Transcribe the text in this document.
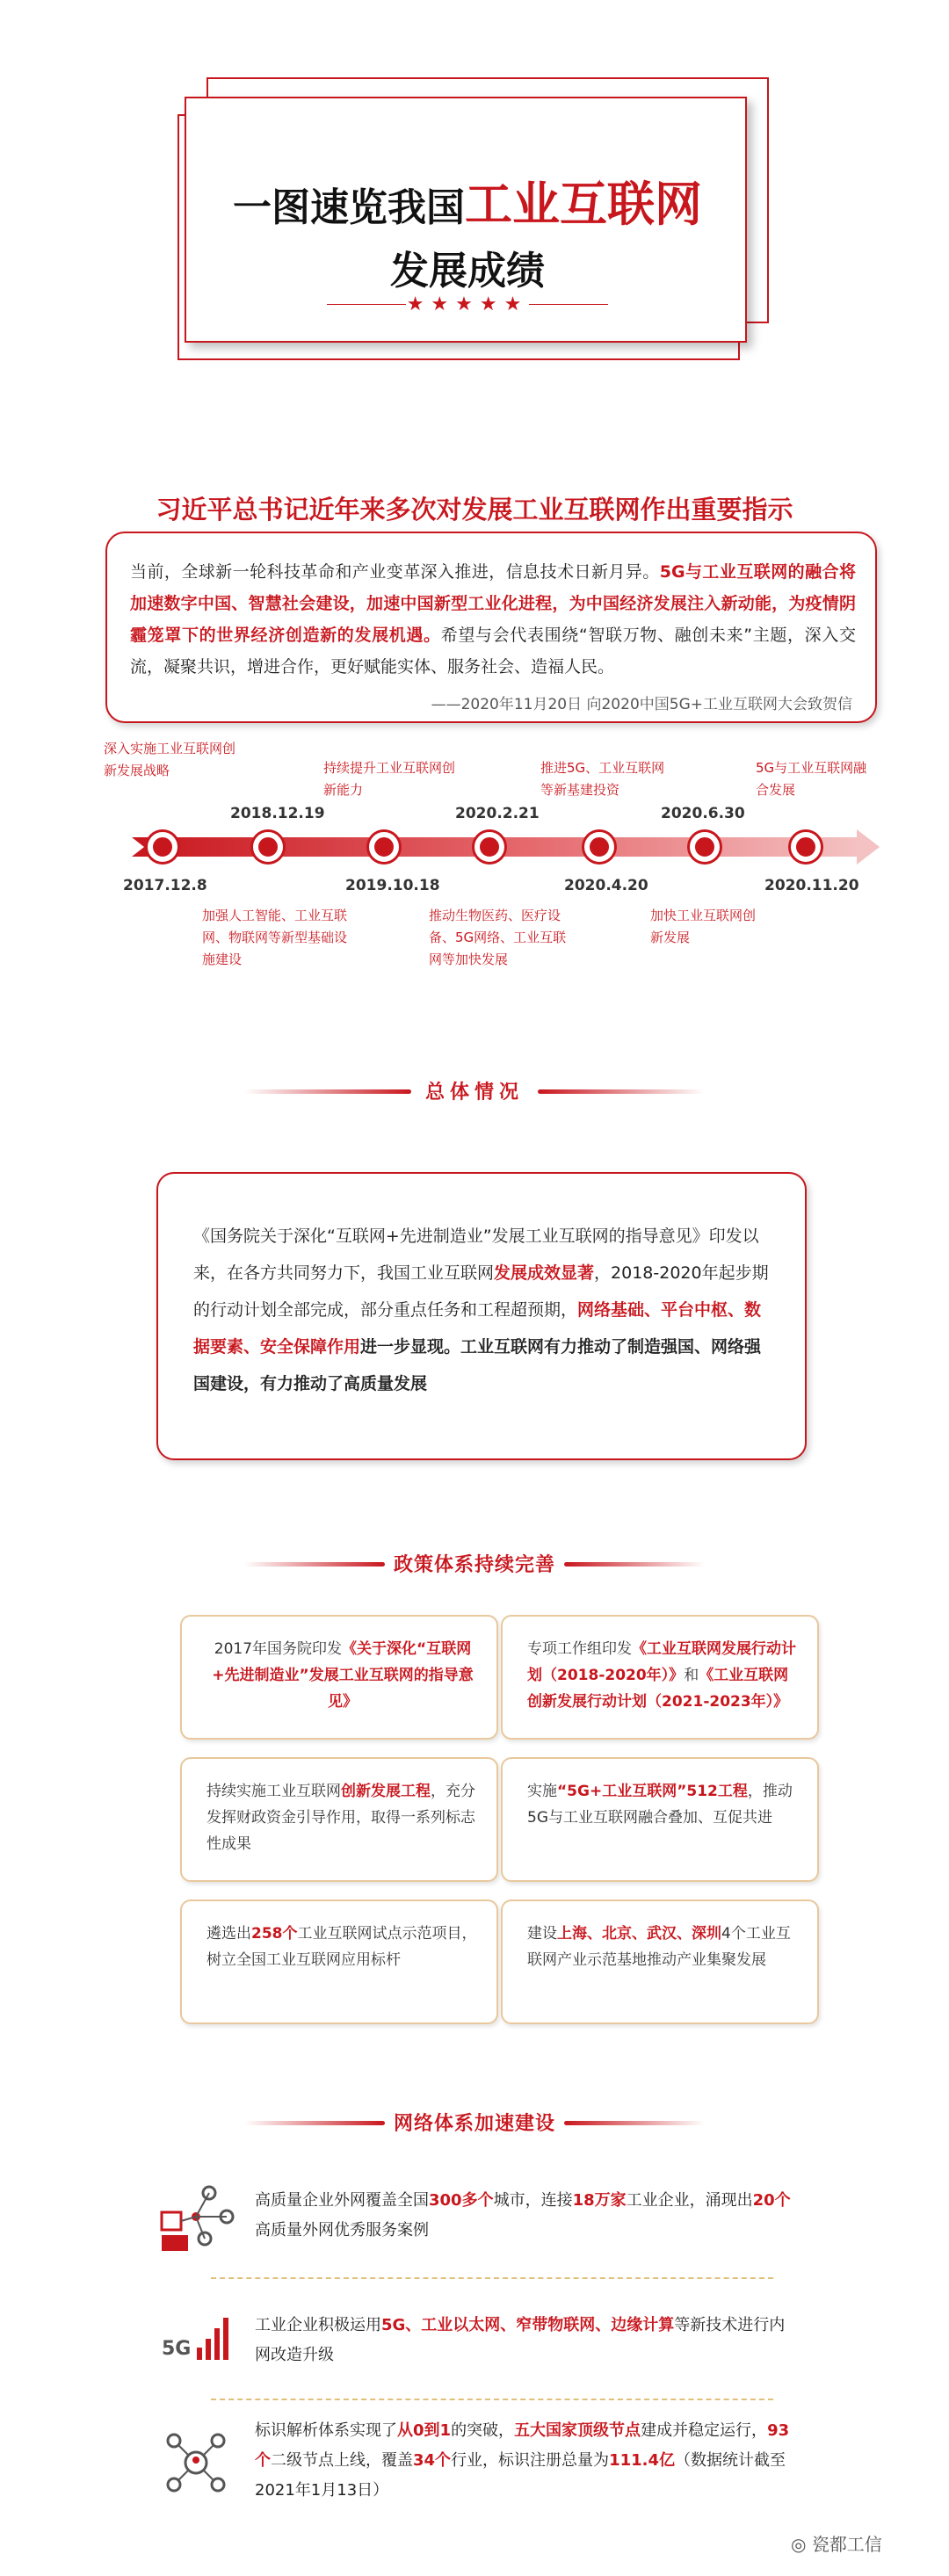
一图速览我国工业互联网
发展成绩
★★★★★
习近平总书记近年来多次对发展工业互联网作出重要指示
当前，全球新一轮科技革命和产业变革深入推进，信息技术日新月异。5G与工业互联网的融合将加速数字中国、智慧社会建设，加速中国新型工业化进程，为中国经济发展注入新动能，为疫情阴霾笼罩下的世界经济创造新的发展机遇。希望与会代表围绕“智联万物、融创未来”主题，深入交流，凝聚共识，增进合作，更好赋能实体、服务社会、造福人民。
——2020年11月20日 向2020中国5G+工业互联网大会致贺信
深入实施工业互联网创新发展战略
2017.12.8
2018.12.19
加强人工智能、工业互联网、物联网等新型基础设施建设
持续提升工业互联网创新能力
2019.10.18
2020.2.21
推动生物医药、医疗设备、5G网络、工业互联网等加快发展
推进5G、工业互联网等新基建投资
2020.4.20
2020.6.30
加快工业互联网创新发展
5G与工业互联网融合发展
2020.11.20
总体情况
《国务院关于深化“互联网+先进制造业”发展工业互联网的指导意见》印发以来，在各方共同努力下，我国工业互联网发展成效显著，2018-2020年起步期的行动计划全部完成，部分重点任务和工程超预期，网络基础、平台中枢、数据要素、安全保障作用进一步显现。工业互联网有力推动了制造强国、网络强国建设，有力推动了高质量发展
政策体系持续完善
2017年国务院印发《关于深化“互联网+先进制造业”发展工业互联网的指导意见》
专项工作组印发《工业互联网发展行动计划（2018-2020年）》和《工业互联网创新发展行动计划（2021-2023年）》
持续实施工业互联网创新发展工程，充分发挥财政资金引导作用，取得一系列标志性成果
实施“5G+工业互联网”512工程，推动5G与工业互联网融合叠加、互促共进
遴选出258个工业互联网试点示范项目，树立全国工业互联网应用标杆
建设上海、北京、武汉、深圳4个工业互联网产业示范基地推动产业集聚发展
网络体系加速建设
高质量企业外网覆盖全国300多个城市，连接18万家工业企业，涌现出20个高质量外网优秀服务案例
5G
工业企业积极运用5G、工业以太网、窄带物联网、边缘计算等新技术进行内网改造升级
标识解析体系实现了从0到1的突破，五大国家顶级节点建成并稳定运行，93个二级节点上线，覆盖34个行业，标识注册总量为111.4亿（数据统计截至2021年1月13日）
◎ 瓷都工信
